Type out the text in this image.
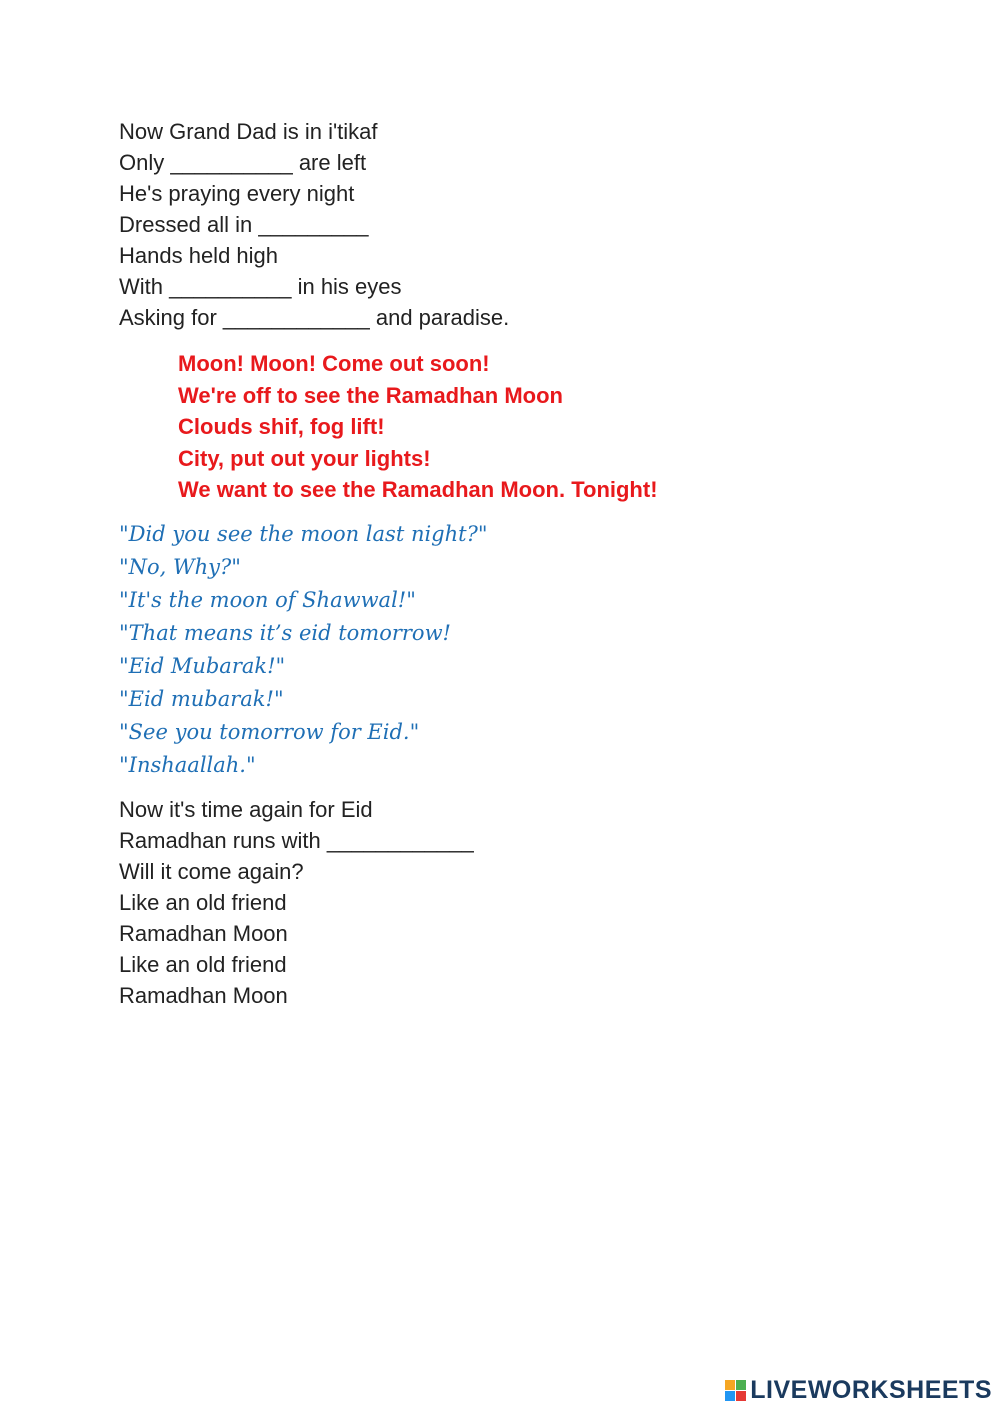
Now Grand Dad is in i'tikaf
Only __________ are left
He's praying every night
Dressed all in _________
Hands held high
With __________ in his eyes
Asking for ____________ and paradise.
Moon! Moon! Come out soon!
We're off to see the Ramadhan Moon
Clouds shif, fog lift!
City, put out your lights!
We want to see the Ramadhan Moon. Tonight!
"Did you see the moon last night?"
"No, Why?"
"It's the moon of Shawwal!"
"That means it’s eid tomorrow!
"Eid Mubarak!"
"Eid mubarak!"
"See you tomorrow for Eid."
"Inshaallah."
Now it's time again for Eid
Ramadhan runs with ____________
Will it come again?
Like an old friend
Ramadhan Moon
Like an old friend
Ramadhan Moon
LIVEWORKSHEETS
